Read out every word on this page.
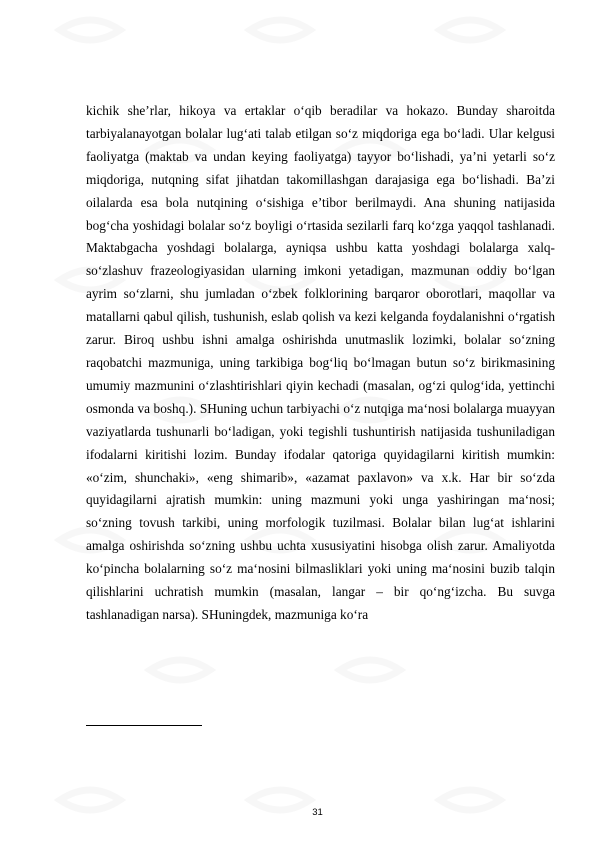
kichik she’rlar, hikoya va ertaklar o‘qib beradilar va hokazo. Bunday sharoitda tarbiyalanayotgan bolalar lug‘ati talab etilgan so‘z miqdoriga ega bo‘ladi. Ular kelgusi faoliyatga (maktab va undan keying faoliyatga) tayyor bo‘lishadi, ya’ni yetarli so‘z miqdoriga, nutqning sifat jihatdan takomillashgan darajasiga ega bo‘lishadi. Ba’zi oilalarda esa bola nutqining o‘sishiga e’tibor berilmaydi. Ana shuning natijasida bog‘cha yoshidagi bolalar so‘z boyligi o‘rtasida sezilarli farq ko‘zga yaqqol tashlanadi. Maktabgacha yoshdagi bolalarga, ayniqsa ushbu katta yoshdagi bolalarga xalq-so‘zlashuv frazeologiyasidan ularning imkoni yetadigan, mazmunan oddiy bo‘lgan ayrim so‘zlarni, shu jumladan o‘zbek folklorining barqaror oborotlari, maqollar va matallarni qabul qilish, tushunish, eslab qolish va kezi kelganda foydalanishni o‘rgatish zarur. Biroq ushbu ishni amalga oshirishda unutmaslik lozimki, bolalar so‘zning raqobatchi mazmuniga, uning tarkibiga bog‘liq bo‘lmagan butun so‘z birikmasining umumiy mazmunini o‘zlashtirishlari qiyin kechadi (masalan, og‘zi qulog‘ida, yettinchi osmonda va boshq.). SHuning uchun tarbiyachi o‘z nutqiga ma‘nosi bolalarga muayyan vaziyatlarda tushunarli bo‘ladigan, yoki tegishli tushuntirish natijasida tushuniladigan ifodalarni kiritishi lozim. Bunday ifodalar qatoriga quyidagilarni kiritish mumkin: «o‘zim, shunchaki», «eng shimarib», «azamat paxlavon» va x.k. Har bir so‘zda quyidagilarni ajratish mumkin: uning mazmuni yoki unga yashiringan ma‘nosi; so‘zning tovush tarkibi, uning morfologik tuzilmasi. Bolalar bilan lug‘at ishlarini amalga oshirishda so‘zning ushbu uchta xususiyatini hisobga olish zarur. Amaliyotda ko‘pincha bolalarning so‘z ma‘nosini bilmasliklari yoki uning ma‘nosini buzib talqin qilishlarini uchratish mumkin (masalan, langar – bir qo‘ng‘izcha. Bu suvga tashlanadigan narsa). SHuningdek, mazmuniga ko‘ra

31
